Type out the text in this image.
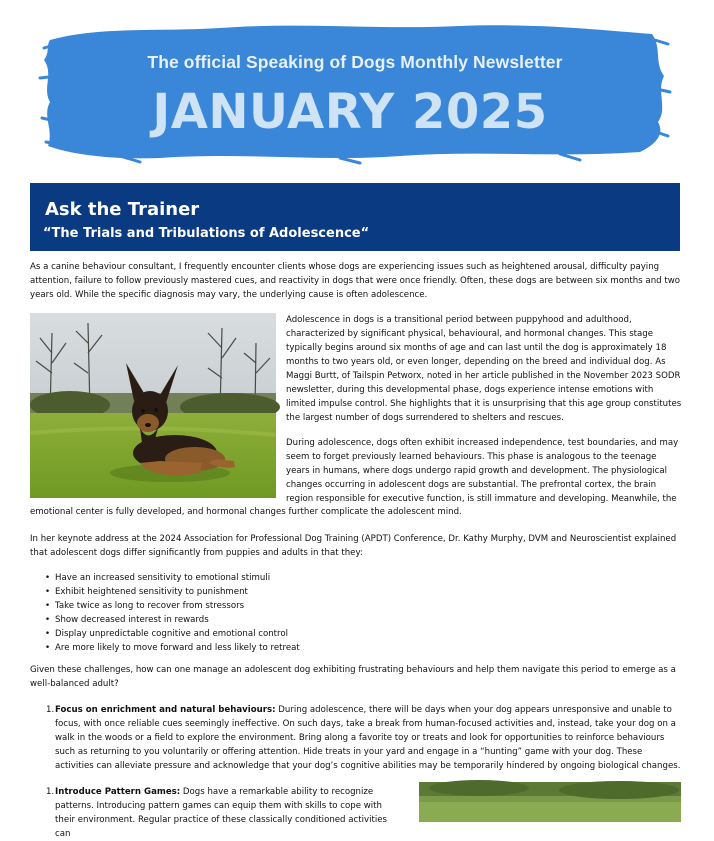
The official Speaking of Dogs Monthly Newsletter
JANUARY 2025
Ask the Trainer
“The Trials and Tribulations of Adolescence“

As a canine behaviour consultant, I frequently encounter clients whose dogs are experiencing issues such as heightened arousal, difficulty paying attention, failure to follow previously mastered cues, and reactivity in dogs that were once friendly. Often, these dogs are between six months and two years old. While the specific diagnosis may vary, the underlying cause is often adolescence.

Adolescence in dogs is a transitional period between puppyhood and adulthood, characterized by significant physical, behavioural, and hormonal changes. This stage typically begins around six months of age and can last until the dog is approximately 18 months to two years old, or even longer, depending on the breed and individual dog. As Maggi Burtt, of Tailspin Petworx, noted in her article published in the November 2023 SODR newsletter, during this developmental phase, dogs experience intense emotions with limited impulse control. She highlights that it is unsurprising that this age group constitutes the largest number of dogs surrendered to shelters and rescues.

During adolescence, dogs often exhibit increased independence, test boundaries, and may seem to forget previously learned behaviours. This phase is analogous to the teenage years in humans, where dogs undergo rapid growth and development. The physiological changes occurring in adolescent dogs are substantial. The prefrontal cortex, the brain region responsible for executive function, is still immature and developing. Meanwhile, the

emotional center is fully developed, and hormonal changes further complicate the adolescent mind.

In her keynote address at the 2024 Association for Professional Dog Training (APDT) Conference, Dr. Kathy Murphy, DVM and Neuroscientist explained that adolescent dogs differ significantly from puppies and adults in that they:

• Have an increased sensitivity to emotional stimuli
• Exhibit heightened sensitivity to punishment
• Take twice as long to recover from stressors
• Show decreased interest in rewards
• Display unpredictable cognitive and emotional control
• Are more likely to move forward and less likely to retreat

Given these challenges, how can one manage an adolescent dog exhibiting frustrating behaviours and help them navigate this period to emerge as a well-balanced adult?

1. Focus on enrichment and natural behaviours: During adolescence, there will be days when your dog appears unresponsive and unable to focus, with once reliable cues seemingly ineffective. On such days, take a break from human-focused activities and, instead, take your dog on a walk in the woods or a field to explore the environment. Bring along a favorite toy or treats and look for opportunities to reinforce behaviours such as returning to you voluntarily or offering attention. Hide treats in your yard and engage in a “hunting” game with your dog. These activities can alleviate pressure and acknowledge that your dog’s cognitive abilities may be temporarily hindered by ongoing biological changes.

1. Introduce Pattern Games: Dogs have a remarkable ability to recognize patterns. Introducing pattern games can equip them with skills to cope with their environment. Regular practice of these classically conditioned activities can
